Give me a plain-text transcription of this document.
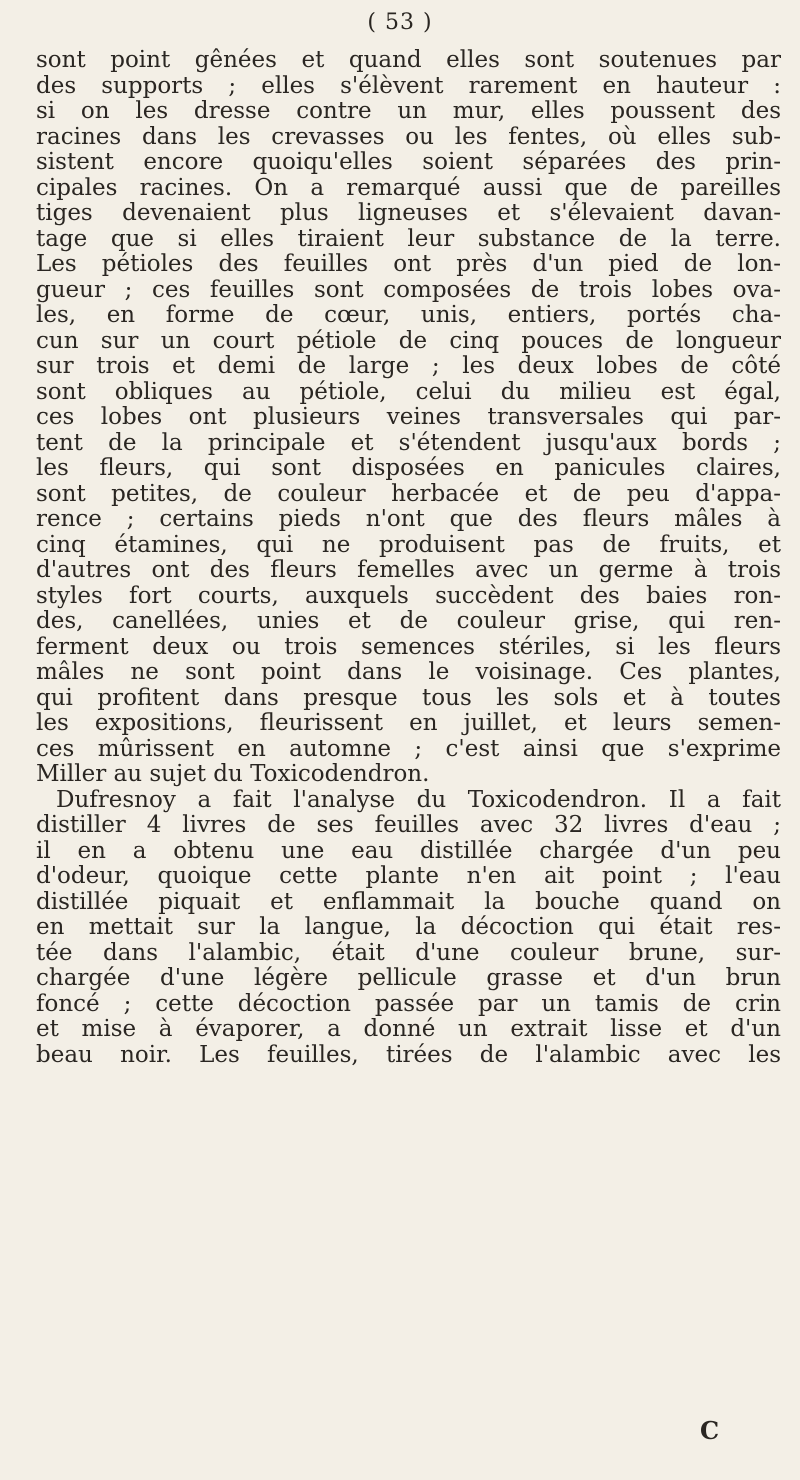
( 53 )
sont point gênées et quand elles sont soutenues par
des supports ; elles s'élèvent rarement en hauteur :
si on les dresse contre un mur, elles poussent des
racines dans les crevasses ou les fentes, où elles sub-
sistent encore quoiqu'elles soient séparées des prin-
cipales racines. On a remarqué aussi que de pareilles
tiges devenaient plus ligneuses et s'élevaient davan-
tage que si elles tiraient leur substance de la terre.
Les pétioles des feuilles ont près d'un pied de lon-
gueur ; ces feuilles sont composées de trois lobes ova-
les, en forme de cœur, unis, entiers, portés cha-
cun sur un court pétiole de cinq pouces de longueur
sur trois et demi de large ; les deux lobes de côté
sont obliques au pétiole, celui du milieu est égal,
ces lobes ont plusieurs veines transversales qui par-
tent de la principale et s'étendent jusqu'aux bords ;
les fleurs, qui sont disposées en panicules claires,
sont petites, de couleur herbacée et de peu d'appa-
rence ; certains pieds n'ont que des fleurs mâles à
cinq étamines, qui ne produisent pas de fruits, et
d'autres ont des fleurs femelles avec un germe à trois
styles fort courts, auxquels succèdent des baies ron-
des, canellées, unies et de couleur grise, qui ren-
ferment deux ou trois semences stériles, si les fleurs
mâles ne sont point dans le voisinage. Ces plantes,
qui profitent dans presque tous les sols et à toutes
les expositions, fleurissent en juillet, et leurs semen-
ces mûrissent en automne ; c'est ainsi que s'exprime
Miller au sujet du Toxicodendron.
Dufresnoy a fait l'analyse du Toxicodendron. Il a fait
distiller 4 livres de ses feuilles avec 32 livres d'eau ;
il en a obtenu une eau distillée chargée d'un peu
d'odeur, quoique cette plante n'en ait point ; l'eau
distillée piquait et enflammait la bouche quand on
en mettait sur la langue, la décoction qui était res-
tée dans l'alambic, était d'une couleur brune, sur-
chargée d'une légère pellicule grasse et d'un brun
foncé ; cette décoction passée par un tamis de crin
et mise à évaporer, a donné un extrait lisse et d'un
beau noir. Les feuilles, tirées de l'alambic avec les
C
